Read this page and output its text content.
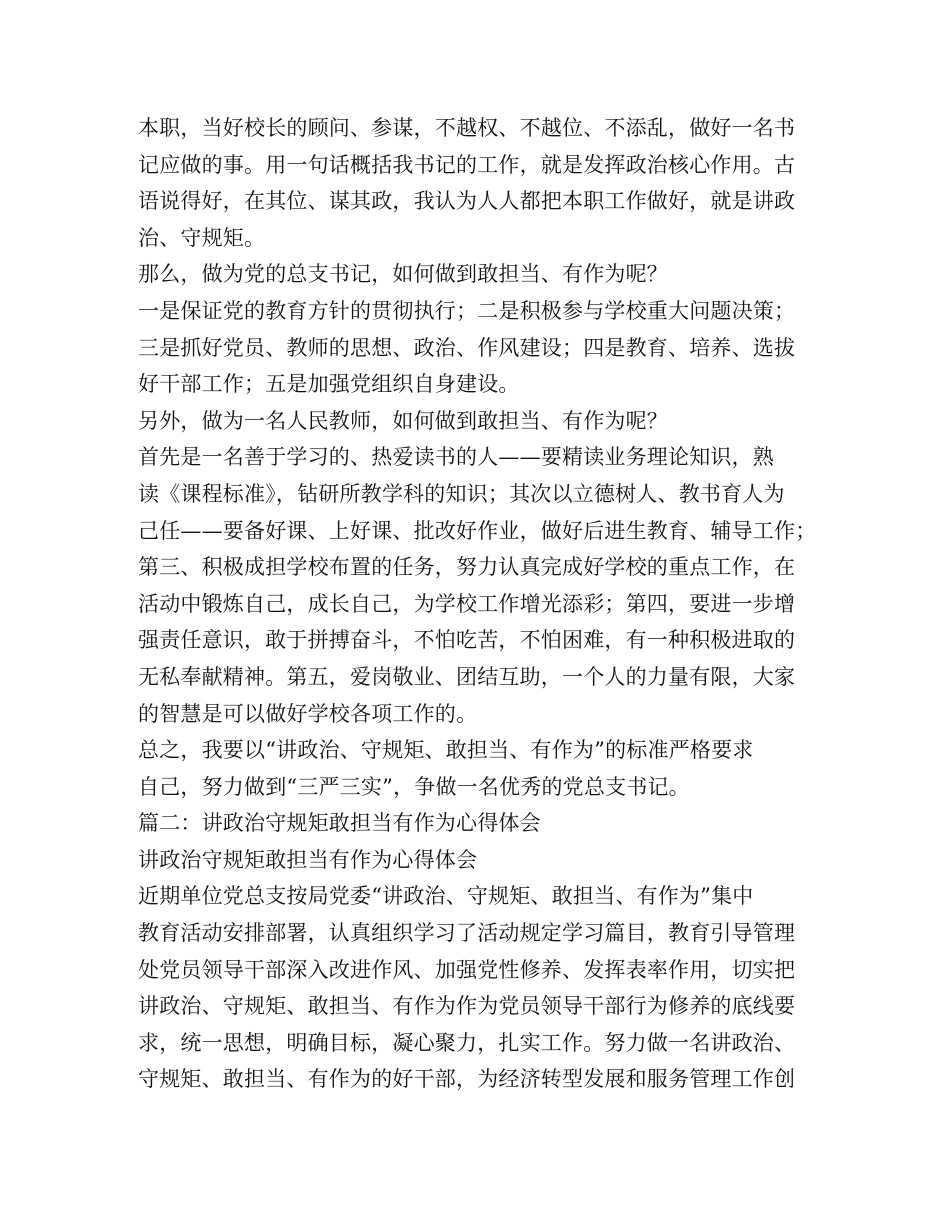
本职，当好校长的顾问、参谋，不越权、不越位、不添乱，做好一名书
记应做的事。用一句话概括我书记的工作，就是发挥政治核心作用。古
语说得好，在其位、谋其政，我认为人人都把本职工作做好，就是讲政
治、守规矩。
那么，做为党的总支书记，如何做到敢担当、有作为呢？
一是保证党的教育方针的贯彻执行；二是积极参与学校重大问题决策；
三是抓好党员、教师的思想、政治、作风建设；四是教育、培养、选拔
好干部工作；五是加强党组织自身建设。
另外，做为一名人民教师，如何做到敢担当、有作为呢？
首先是一名善于学习的、热爱读书的人——要精读业务理论知识，熟
读《课程标准》，钻研所教学科的知识；其次以立德树人、教书育人为
己任——要备好课、上好课、批改好作业，做好后进生教育、辅导工作；
第三、积极成担学校布置的任务，努力认真完成好学校的重点工作，在
活动中锻炼自己，成长自己，为学校工作增光添彩；第四，要进一步增
强责任意识，敢于拼搏奋斗，不怕吃苦，不怕困难，有一种积极进取的
无私奉献精神。第五，爱岗敬业、团结互助，一个人的力量有限，大家
的智慧是可以做好学校各项工作的。
总之，我要以“讲政治、守规矩、敢担当、有作为”的标准严格要求
自己，努力做到“三严三实”，争做一名优秀的党总支书记。
篇二：讲政治守规矩敢担当有作为心得体会
讲政治守规矩敢担当有作为心得体会
近期单位党总支按局党委“讲政治、守规矩、敢担当、有作为”集中
教育活动安排部署，认真组织学习了活动规定学习篇目，教育引导管理
处党员领导干部深入改进作风、加强党性修养、发挥表率作用，切实把
讲政治、守规矩、敢担当、有作为作为党员领导干部行为修养的底线要
求，统一思想，明确目标，凝心聚力，扎实工作。努力做一名讲政治、
守规矩、敢担当、有作为的好干部，为经济转型发展和服务管理工作创
